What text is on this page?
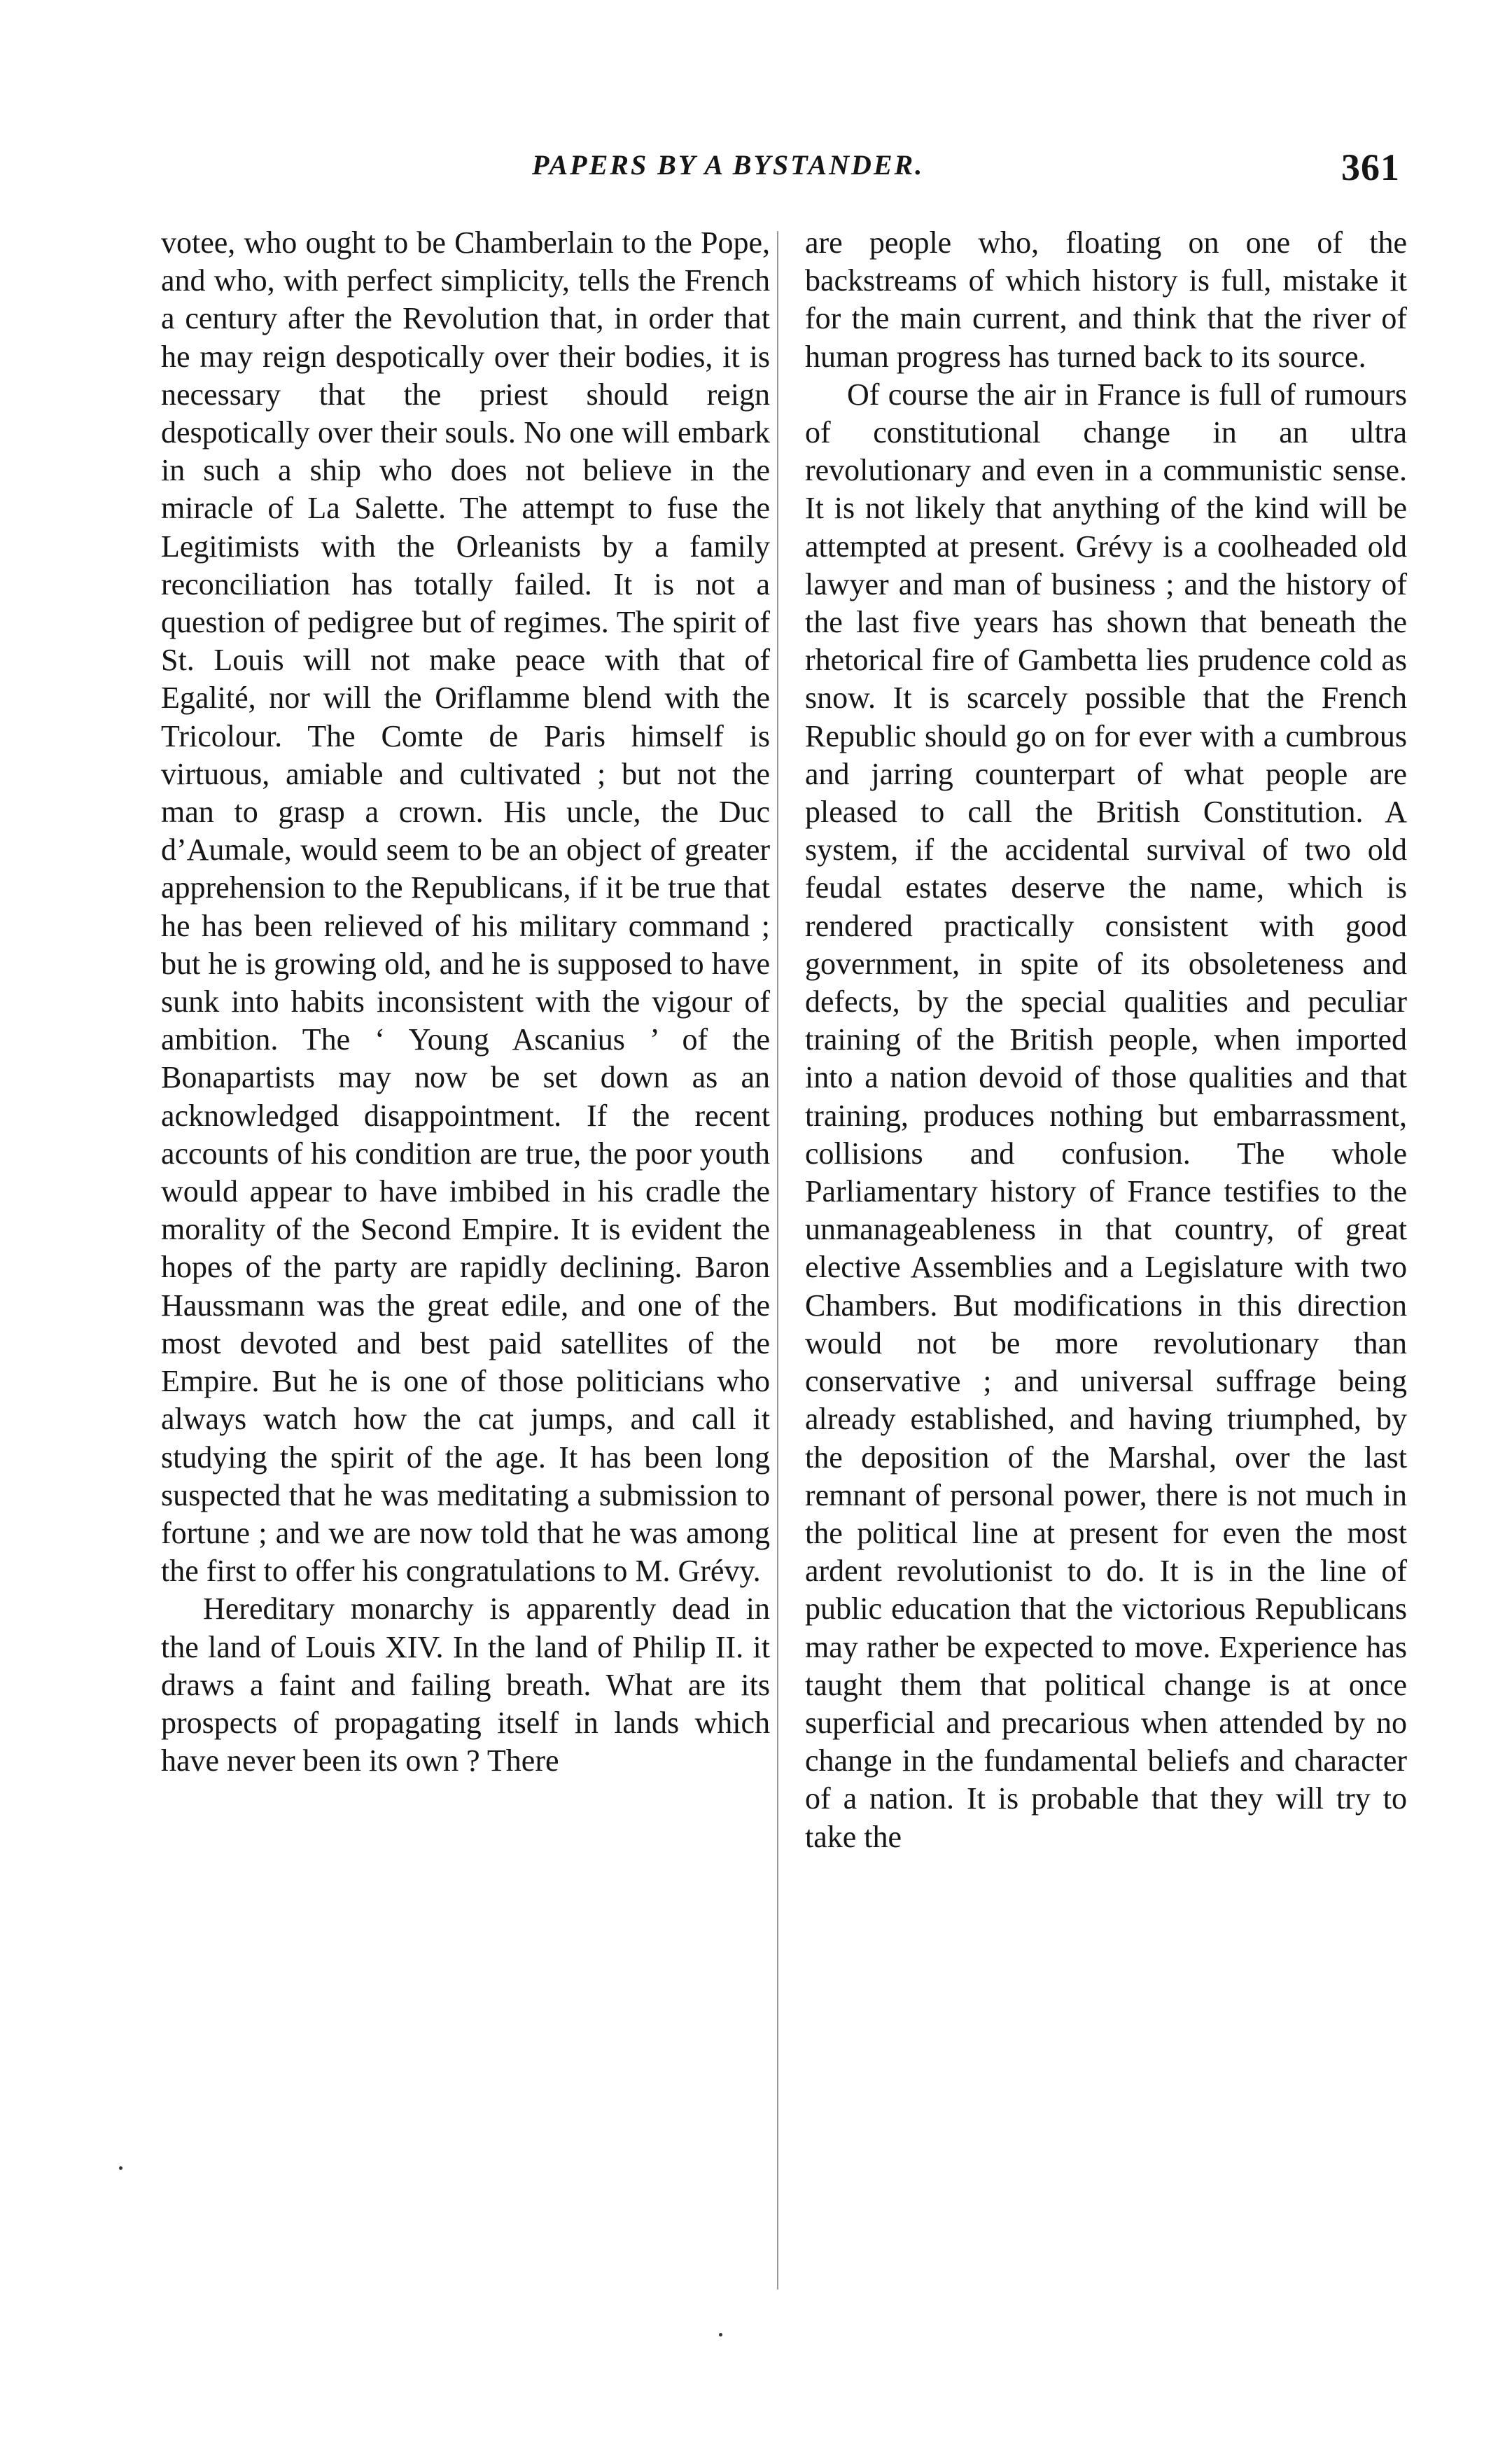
PAPERS BY A BYSTANDER.	361

votee, who ought to be Chamberlain to the Pope, and who, with perfect simplicity, tells the French a century after the Revolution that, in order that he may reign despotically over their bodies, it is necessary that the priest should reign despotically over their souls. No one will embark in such a ship who does not believe in the miracle of La Salette. The attempt to fuse the Legitimists with the Orleanists by a family reconciliation has totally failed. It is not a question of pedigree but of regimes. The spirit of St. Louis will not make peace with that of Egalité, nor will the Oriflamme blend with the Tricolour. The Comte de Paris himself is virtuous, amiable and cultivated ; but not the man to grasp a crown. His uncle, the Duc d’Aumale, would seem to be an object of greater apprehension to the Republicans, if it be true that he has been relieved of his military command ; but he is growing old, and he is supposed to have sunk into habits inconsistent with the vigour of ambition. The ‘ Young Ascanius ’ of the Bonapartists may now be set down as an acknowledged disappointment. If the recent accounts of his condition are true, the poor youth would appear to have imbibed in his cradle the morality of the Second Empire. It is evident the hopes of the party are rapidly declining. Baron Haussmann was the great edile, and one of the most devoted and best paid satellites of the Empire. But he is one of those politicians who always watch how the cat jumps, and call it studying the spirit of the age. It has been long suspected that he was meditating a submission to fortune ; and we are now told that he was among the first to offer his congratulations to M. Grévy.

Hereditary monarchy is apparently dead in the land of Louis XIV. In the land of Philip II. it draws a faint and failing breath. What are its prospects of propagating itself in lands which have never been its own ? There

are people who, floating on one of the backstreams of which history is full, mistake it for the main current, and think that the river of human progress has turned back to its source.

Of course the air in France is full of rumours of constitutional change in an ultra revolutionary and even in a communistic sense. It is not likely that anything of the kind will be attempted at present. Grévy is a coolheaded old lawyer and man of business ; and the history of the last five years has shown that beneath the rhetorical fire of Gambetta lies prudence cold as snow. It is scarcely possible that the French Republic should go on for ever with a cumbrous and jarring counterpart of what people are pleased to call the British Constitution. A system, if the accidental survival of two old feudal estates deserve the name, which is rendered practically consistent with good government, in spite of its obsoleteness and defects, by the special qualities and peculiar training of the British people, when imported into a nation devoid of those qualities and that training, produces nothing but embarrassment, collisions and confusion. The whole Parliamentary history of France testifies to the unmanageableness in that country, of great elective Assemblies and a Legislature with two Chambers. But modifications in this direction would not be more revolutionary than conservative ; and universal suffrage being already established, and having triumphed, by the deposition of the Marshal, over the last remnant of personal power, there is not much in the political line at present for even the most ardent revolutionist to do. It is in the line of public education that the victorious Republicans may rather be expected to move. Experience has taught them that political change is at once superficial and precarious when attended by no change in the fundamental beliefs and character of a nation. It is probable that they will try to take the
